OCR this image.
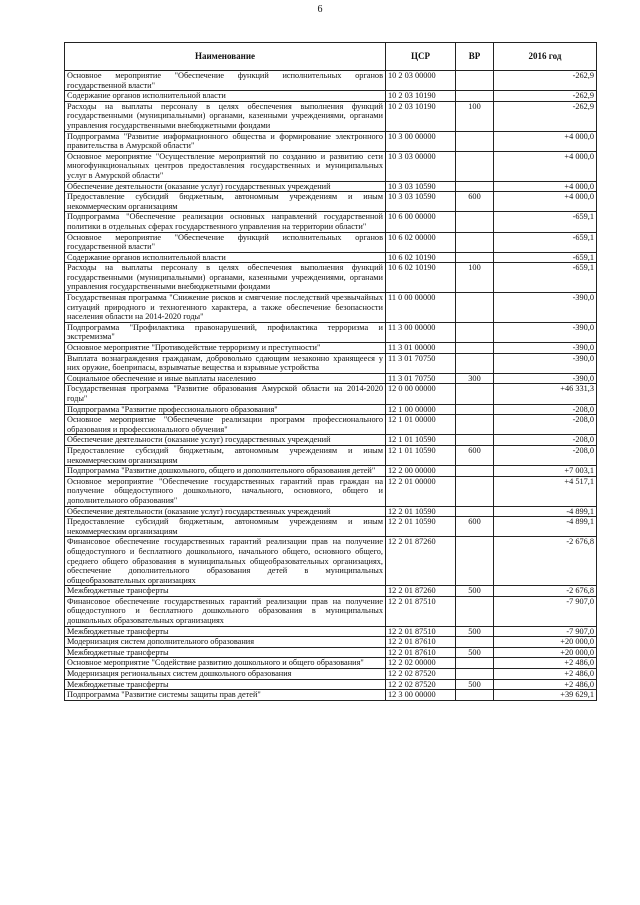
6
Наименование	ЦСР	ВР	2016 год
Основное мероприятие "Обеспечение функций исполнительных органов государственной власти"	10 2 03 00000		-262,9
Содержание органов исполнительной власти	10 2 03 10190		-262,9
Расходы на выплаты персоналу в целях обеспечения выполнения функций государственными (муниципальными) органами, казенными учреждениями, органами управления государственными внебюджетными фондами	10 2 03 10190	100	-262,9
Подпрограмма "Развитие информационного общества и формирование электронного правительства в Амурской области"	10 3 00 00000		+4 000,0
Основное мероприятие "Осуществление мероприятий по созданию и развитию сети многофункциональных центров предоставления государственных и муниципальных услуг в Амурской области"	10 3 03 00000		+4 000,0
Обеспечение деятельности (оказание услуг) государственных учреждений	10 3 03 10590		+4 000,0
Предоставление субсидий бюджетным, автономным учреждениям и иным некоммерческим организациям	10 3 03 10590	600	+4 000,0
Подпрограмма "Обеспечение реализации основных направлений государственной политики в отдельных сферах государственного управления на территории области"	10 6 00 00000		-659,1
Основное мероприятие "Обеспечение функций исполнительных органов государственной власти"	10 6 02 00000		-659,1
Содержание органов исполнительной власти	10 6 02 10190		-659,1
Расходы на выплаты персоналу в целях обеспечения выполнения функций государственными (муниципальными) органами, казенными учреждениями, органами управления государственными внебюджетными фондами	10 6 02 10190	100	-659,1
Государственная программа "Снижение рисков и смягчение последствий чрезвычайных ситуаций природного и техногенного характера, а также обеспечение безопасности населения области на 2014-2020 годы"	11 0 00 00000		-390,0
Подпрограмма "Профилактика правонарушений, профилактика терроризма и экстремизма"	11 3 00 00000		-390,0
Основное мероприятие "Противодействие терроризму и преступности"	11 3 01 00000		-390,0
Выплата вознаграждения гражданам, добровольно сдающим незаконно хранящееся у них оружие, боеприпасы, взрывчатые вещества и взрывные устройства	11 3 01 70750		-390,0
Социальное обеспечение и иные выплаты населению	11 3 01 70750	300	-390,0
Государственная программа "Развитие образования Амурской области на 2014-2020 годы"	12 0 00 00000		+46 331,3
Подпрограмма "Развитие профессионального образования"	12 1 00 00000		-208,0
Основное мероприятие "Обеспечение реализации программ профессионального образования и профессионального обучения"	12 1 01 00000		-208,0
Обеспечение деятельности (оказание услуг) государственных учреждений	12 1 01 10590		-208,0
Предоставление субсидий бюджетным, автономным учреждениям и иным некоммерческим организациям	12 1 01 10590	600	-208,0
Подпрограмма "Развитие дошкольного, общего и дополнительного образования детей"	12 2 00 00000		+7 003,1
Основное мероприятие "Обеспечение государственных гарантий прав граждан на получение общедоступного дошкольного, начального, основного, общего и дополнительного образования"	12 2 01 00000		+4 517,1
Обеспечение деятельности (оказание услуг) государственных учреждений	12 2 01 10590		-4 899,1
Предоставление субсидий бюджетным, автономным учреждениям и иным некоммерческим организациям	12 2 01 10590	600	-4 899,1
Финансовое обеспечение государственных гарантий реализации прав на получение общедоступного и бесплатного дошкольного, начального общего, основного общего, среднего общего образования в муниципальных общеобразовательных организациях, обеспечение дополнительного образования детей в муниципальных общеобразовательных организациях	12 2 01 87260		-2 676,8
Межбюджетные трансферты	12 2 01 87260	500	-2 676,8
Финансовое обеспечение государственных гарантий реализации прав на получение общедоступного и бесплатного дошкольного образования в муниципальных дошкольных образовательных организациях	12 2 01 87510		-7 907,0
Межбюджетные трансферты	12 2 01 87510	500	-7 907,0
Модернизация систем дополнительного образования	12 2 01 87610		+20 000,0
Межбюджетные трансферты	12 2 01 87610	500	+20 000,0
Основное мероприятие "Содействие развитию дошкольного и общего образования"	12 2 02 00000		+2 486,0
Модернизация региональных систем дошкольного образования	12 2 02 87520		+2 486,0
Межбюджетные трансферты	12 2 02 87520	500	+2 486,0
Подпрограмма "Развитие системы защиты прав детей"	12 3 00 00000		+39 629,1
